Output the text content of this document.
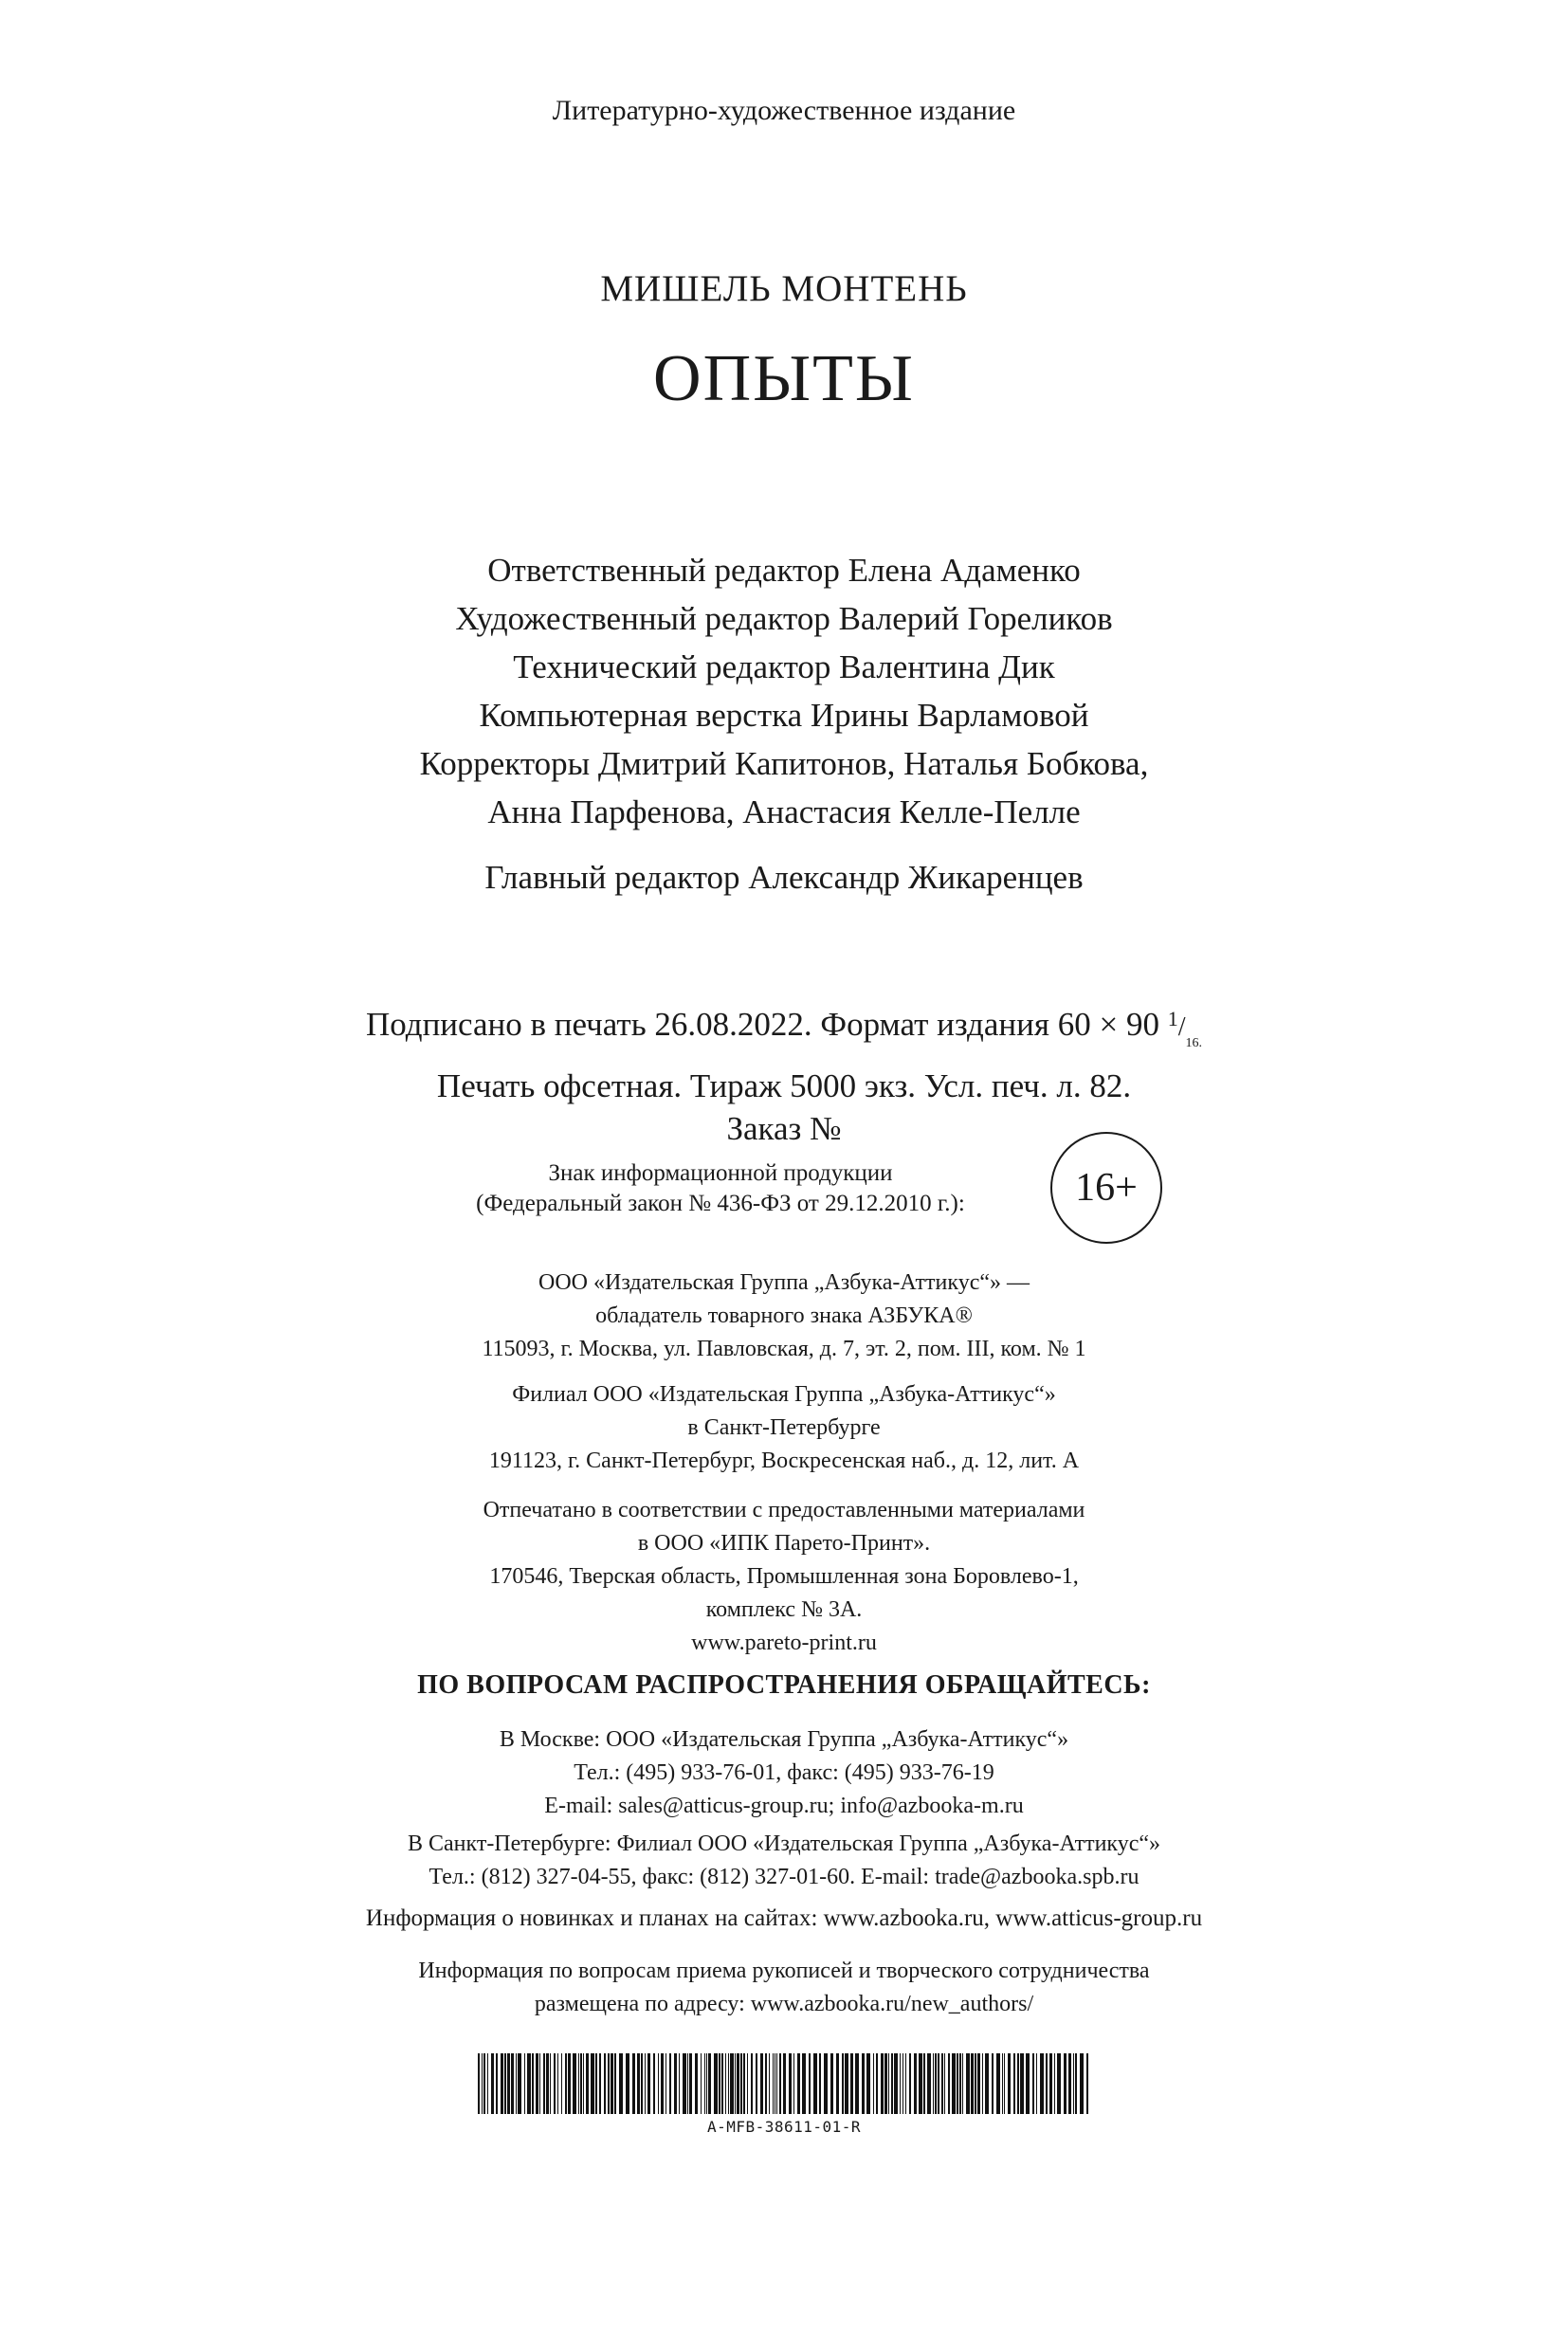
Литературно-художественное издание
МИШЕЛЬ МОНТЕНЬ
ОПЫТЫ
Ответственный редактор Елена Адаменко
Художественный редактор Валерий Гореликов
Технический редактор Валентина Дик
Компьютерная верстка Ирины Варламовой
Корректоры Дмитрий Капитонов, Наталья Бобкова,
Анна Парфенова, Анастасия Келле-Пелле
Главный редактор Александр Жикаренцев
Подписано в печать 26.08.2022. Формат издания 60 × 90 $^1/_{16.}$
Печать офсетная. Тираж 5000 экз. Усл. печ. л. 82.
Заказ №
Знак информационной продукции
(Федеральный закон № 436-ФЗ от 29.12.2010 г.):	16+
ООО «Издательская Группа „Азбука-Аттикус“» —
обладатель товарного знака АЗБУКА®
115093, г. Москва, ул. Павловская, д. 7, эт. 2, пом. III, ком. № 1
Филиал ООО «Издательская Группа „Азбука-Аттикус“»
в Санкт-Петербурге
191123, г. Санкт-Петербург, Воскресенская наб., д. 12, лит. А
Отпечатано в соответствии с предоставленными материалами
в ООО «ИПК Парето-Принт».
170546, Тверская область, Промышленная зона Боровлево-1,
комплекс № 3А.
www.pareto-print.ru
ПО ВОПРОСАМ РАСПРОСТРАНЕНИЯ ОБРАЩАЙТЕСЬ:
В Москве: ООО «Издательская Группа „Азбука-Аттикус“»
Тел.: (495) 933-76-01, факс: (495) 933-76-19
E-mail: sales@atticus-group.ru; info@azbooka-m.ru
В Санкт-Петербурге: Филиал ООО «Издательская Группа „Азбука-Аттикус“»
Тел.: (812) 327-04-55, факс: (812) 327-01-60. E-mail: trade@azbooka.spb.ru
Информация о новинках и планах на сайтах: www.azbooka.ru, www.atticus-group.ru
Информация по вопросам приема рукописей и творческого сотрудничества
размещена по адресу: www.azbooka.ru/new_authors/
A-MFB-38611-01-R
